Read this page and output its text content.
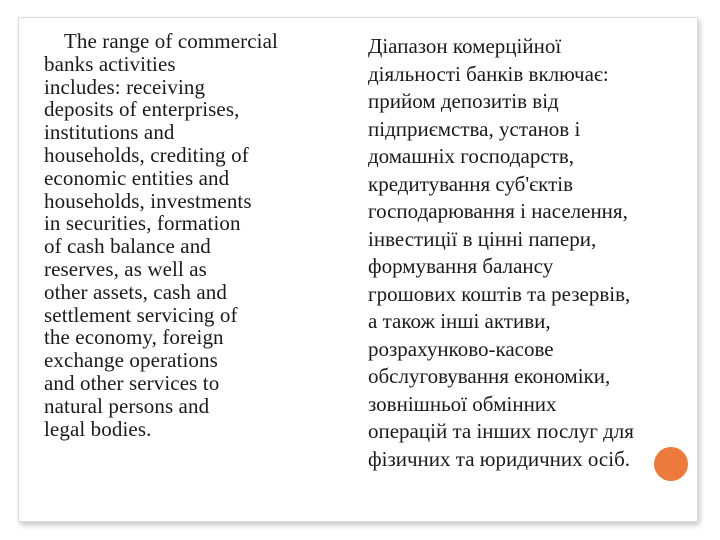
The range of commercial
banks activities
includes: receiving
deposits of enterprises,
institutions and
households, crediting of
economic entities and
households, investments
in securities, formation
of cash balance and
reserves, as well as
other assets, cash and
settlement servicing of
the economy, foreign
exchange operations
and other services to
natural persons and
legal bodies.
Діапазон комерційної
діяльності банків включає:
прийом депозитів від
підприємства, установ і
домашніх господарств,
кредитування суб'єктів
господарювання і населення,
інвестиції в цінні папери,
формування балансу
грошових коштів та резервів,
а також інші активи,
розрахунково-касове
обслуговування економіки,
зовнішньої обмінних
операцій та інших послуг для
фізичних та юридичних осіб.
